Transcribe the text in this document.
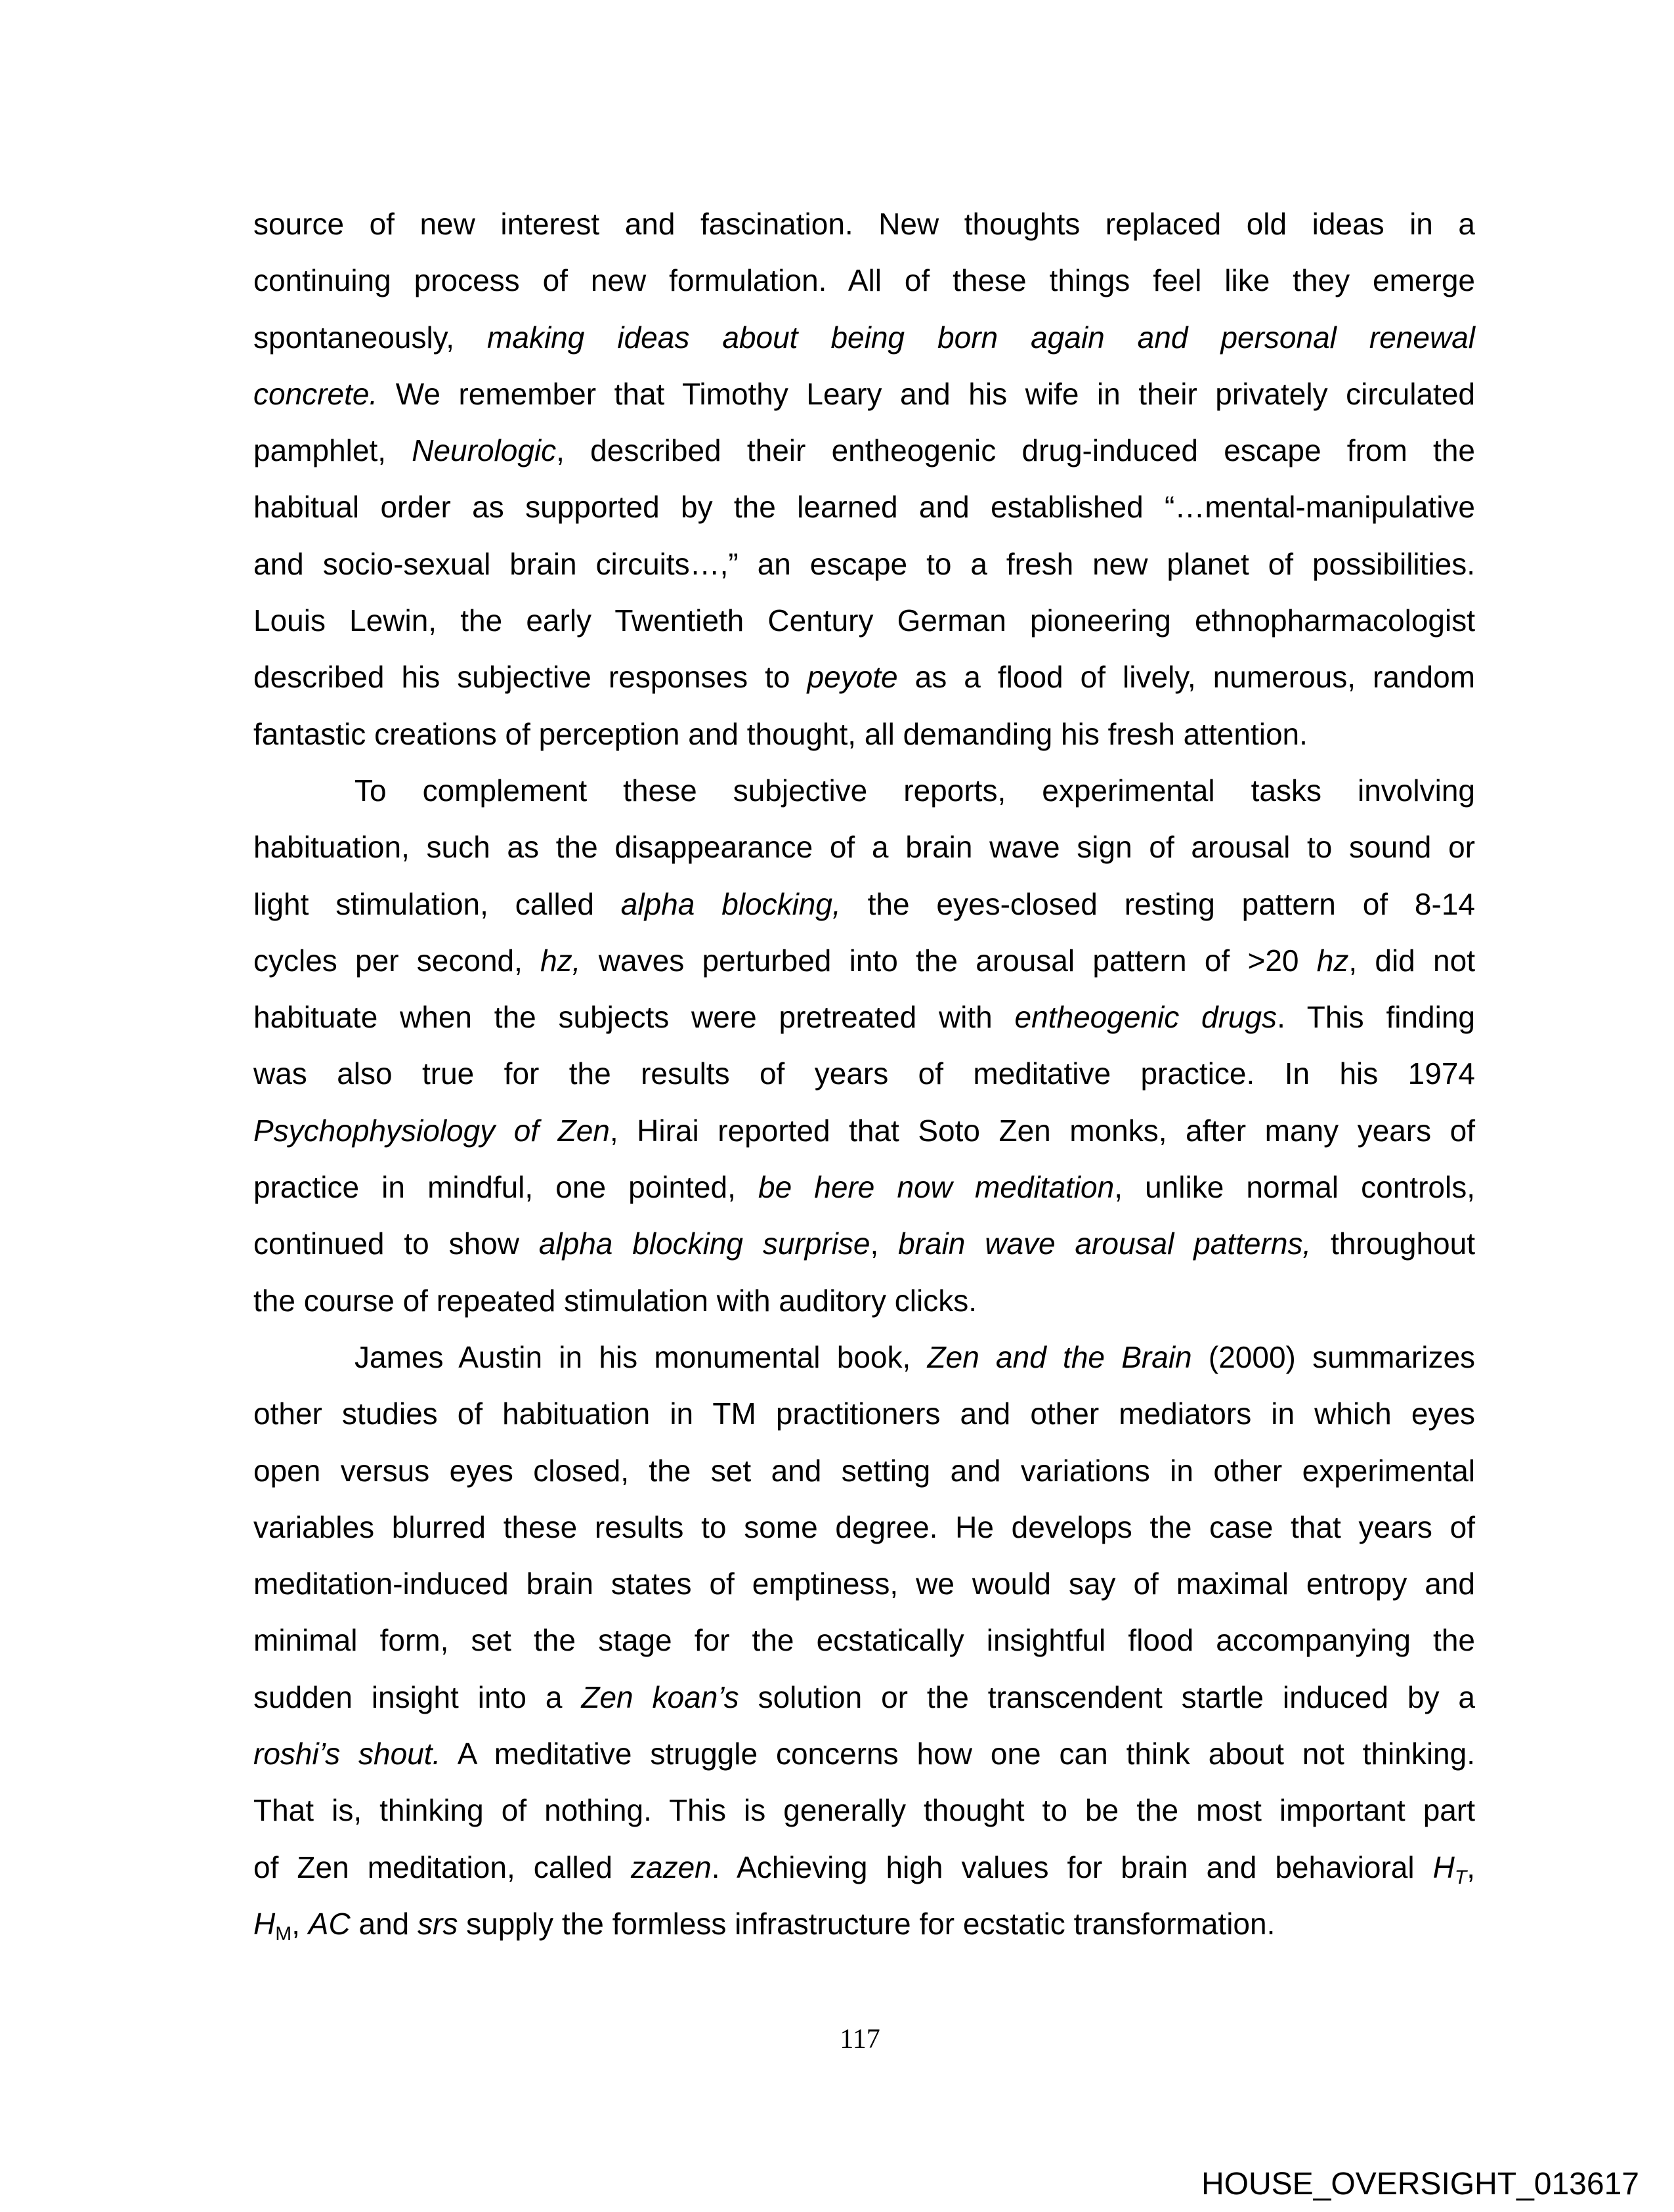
source of new interest and fascination. New thoughts replaced old ideas in a
continuing process of new formulation. All of these things feel like they emerge
spontaneously, making ideas about being born again and personal renewal
concrete. We remember that Timothy Leary and his wife in their privately circulated
pamphlet, Neurologic, described their entheogenic drug-induced escape from the
habitual order as supported by the learned and established “…mental-manipulative
and socio-sexual brain circuits…,” an escape to a fresh new planet of possibilities.
Louis Lewin, the early Twentieth Century German pioneering ethnopharmacologist
described his subjective responses to peyote as a flood of lively, numerous, random
fantastic creations of perception and thought, all demanding his fresh attention.
To complement these subjective reports, experimental tasks involving
habituation, such as the disappearance of a brain wave sign of arousal to sound or
light stimulation, called alpha blocking, the eyes-closed resting pattern of 8-14
cycles per second, hz, waves perturbed into the arousal pattern of >20 hz, did not
habituate when the subjects were pretreated with entheogenic drugs. This finding
was also true for the results of years of meditative practice. In his 1974
Psychophysiology of Zen, Hirai reported that Soto Zen monks, after many years of
practice in mindful, one pointed, be here now meditation, unlike normal controls,
continued to show alpha blocking surprise, brain wave arousal patterns, throughout
the course of repeated stimulation with auditory clicks.
James Austin in his monumental book, Zen and the Brain (2000) summarizes
other studies of habituation in TM practitioners and other mediators in which eyes
open versus eyes closed, the set and setting and variations in other experimental
variables blurred these results to some degree. He develops the case that years of
meditation-induced brain states of emptiness, we would say of maximal entropy and
minimal form, set the stage for the ecstatically insightful flood accompanying the
sudden insight into a Zen koan’s solution or the transcendent startle induced by a
roshi’s shout. A meditative struggle concerns how one can think about not thinking.
That is, thinking of nothing. This is generally thought to be the most important part
of Zen meditation, called zazen. Achieving high values for brain and behavioral $H_T$,
$H_M$, AC and srs supply the formless infrastructure for ecstatic transformation.
117
HOUSE_OVERSIGHT_013617
